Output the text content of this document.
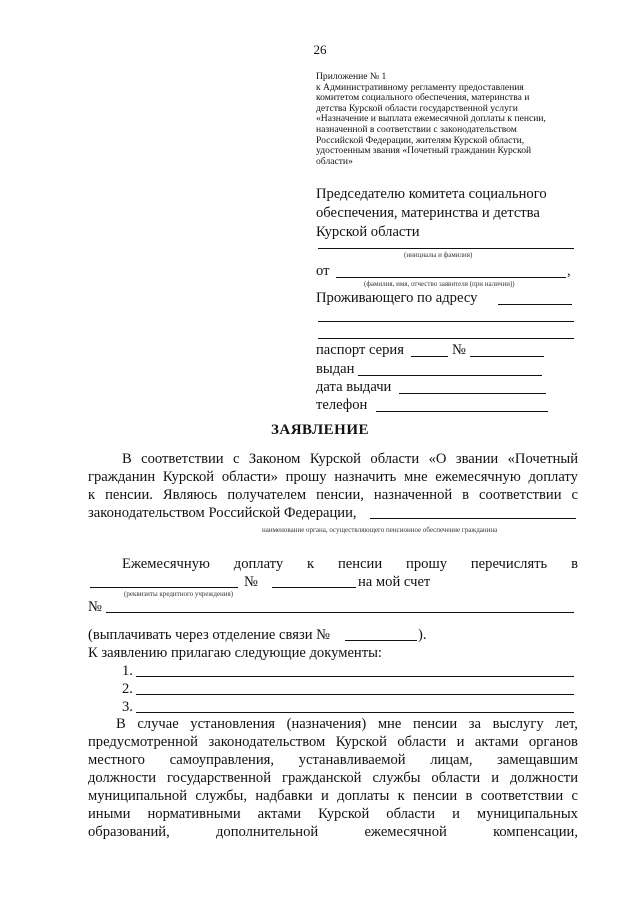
26
Приложение № 1
к Административному регламенту предоставления
комитетом социального обеспечения, материнства и
детства Курской области государственной услуги
«Назначение и выплата ежемесячной доплаты к пенсии,
назначенной в соответствии с законодательством
Российской Федерации, жителям Курской области,
удостоенным звания «Почетный гражданин Курской
области»
Председателю комитета социального
обеспечения, материнства и детства
Курской области
(инициалы и фамилия)
от	,
(фамилия, имя, отчество заявителя (при наличии))
Проживающего по адресу
паспорт серия	№
выдан
дата выдачи
телефон
ЗАЯВЛЕНИЕ
В соответствии с Законом Курской области «О звании «Почетный
гражданин Курской области» прошу назначить мне ежемесячную доплату
к пенсии. Являюсь получателем пенсии, назначенной в соответствии с
законодательством Российской Федерации,
наименование органа, осуществляющего пенсионное обеспечение гражданина
Ежемесячную доплату к пенсии прошу перечислять в
№	на мой счет
(реквизиты кредитного учреждения)
№
(выплачивать через отделение связи №	).
К заявлению прилагаю следующие документы:
1.
2.
3.
В случае установления (назначения) мне пенсии за выслугу лет,
предусмотренной законодательством Курской области и актами органов
местного самоуправления, устанавливаемой лицам, замещавшим
должности государственной гражданской службы области и должности
муниципальной службы, надбавки и доплаты к пенсии в соответствии с
иными нормативными актами Курской области и муниципальных
образований,	дополнительной	ежемесячной	компенсации,
